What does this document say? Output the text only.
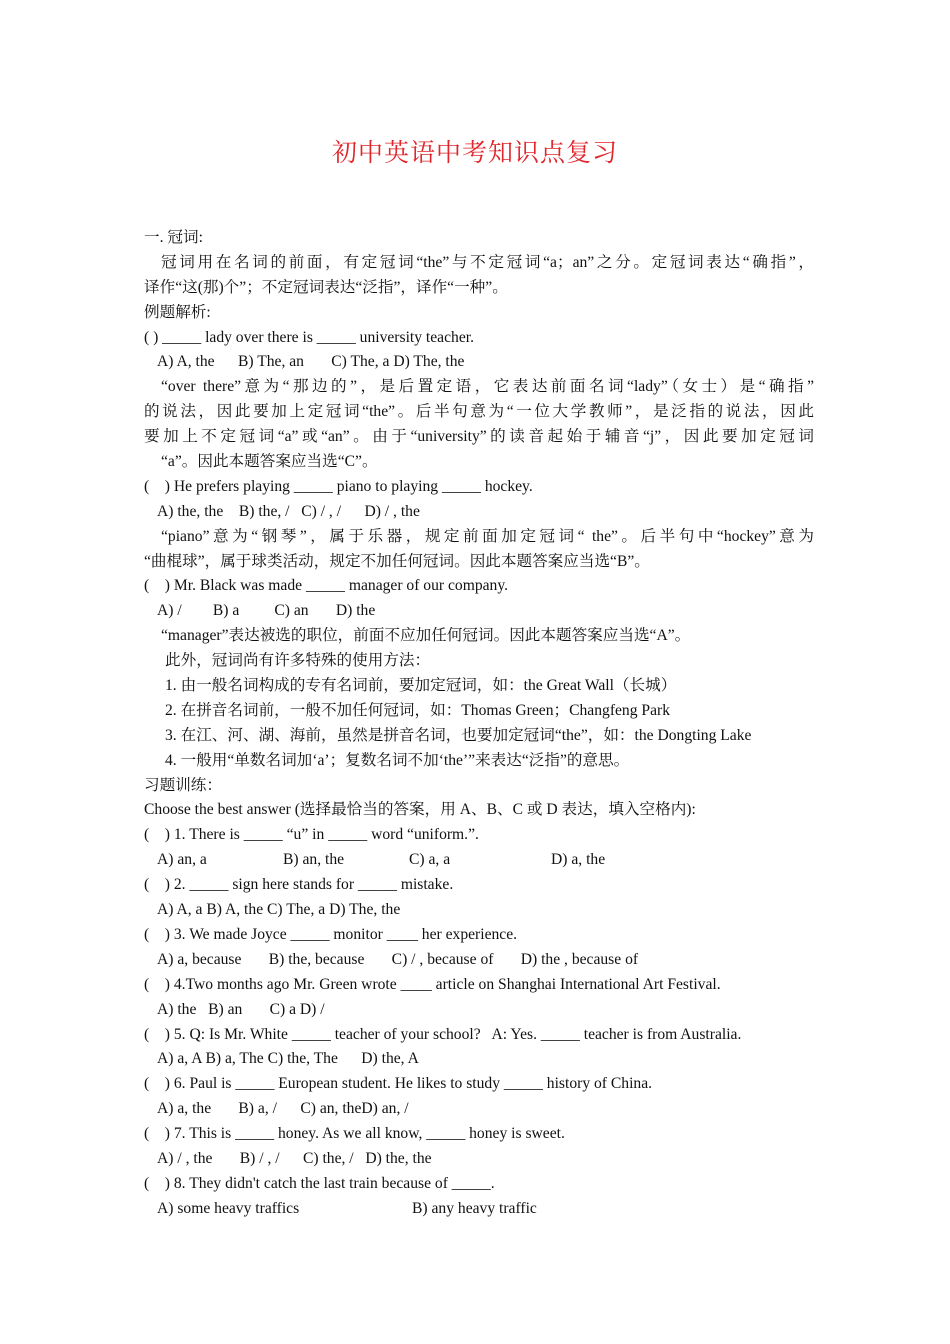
初中英语中考知识点复习
一. 冠词:
冠词用在名词的前面，有定冠词“the”与不定冠词“a；an”之分。定冠词表达“确指”，
译作“这(那)个”；不定冠词表达“泛指”，译作“一种”。
例题解析:
( ) _____ lady over there is _____ university teacher.
A) A, the      B) The, an       C) The, a D) The, the
“over there”意为“那边的”，是后置定语，它表达前面名词“lady”（女士）是“确指”
的说法，因此要加上定冠词“the”。后半句意为“一位大学教师”，是泛指的说法，因此
要加上不定冠词“a”或“an”。由于“university”的读音起始于辅音“j”，因此要加定冠词
“a”。因此本题答案应当选“C”。
(    ) He prefers playing _____ piano to playing _____ hockey.
A) the, the    B) the, /   C) / , /      D) / , the
“piano”意为“钢琴”，属于乐器，规定前面加定冠词“ the”。后半句中“hockey”意为
“曲棍球”，属于球类活动，规定不加任何冠词。因此本题答案应当选“B”。
(    ) Mr. Black was made _____ manager of our company.
A) /        B) a         C) an       D) the
“manager”表达被选的职位，前面不应加任何冠词。因此本题答案应当选“A”。
此外，冠词尚有许多特殊的使用方法：
1. 由一般名词构成的专有名词前，要加定冠词，如：the Great Wall（长城）
2. 在拼音名词前，一般不加任何冠词，如：Thomas Green；Changfeng Park
3. 在江、河、湖、海前，虽然是拼音名词，也要加定冠词“the”，如：the Dongting Lake
4. 一般用“单数名词加‘a’；复数名词不加‘the’”来表达“泛指”的意思。
习题训练：
Choose the best answer (选择最恰当的答案，用 A、B、C 或 D 表达，填入空格内):
(    ) 1. There is _____ “u” in _____ word “uniform.”.
A) an, a	B) an, the	C) a, a	D) a, the
(    ) 2. _____ sign here stands for _____ mistake.
A) A, a B) A, the C) The, a D) The, the
(    ) 3. We made Joyce _____ monitor ____ her experience.
A) a, because       B) the, because       C) / , because of       D) the , because of
(    ) 4.Two months ago Mr. Green wrote ____ article on Shanghai International Art Festival.
A) the   B) an       C) a D) /
(    ) 5. Q: Is Mr. White _____ teacher of your school?   A: Yes. _____ teacher is from Australia.
A) a, A B) a, The C) the, The      D) the, A
(    ) 6. Paul is _____ European student. He likes to study _____ history of China.
A) a, the       B) a, /      C) an, theD) an, /
(    ) 7. This is _____ honey. As we all know, _____ honey is sweet.
A) / , the       B) / , /      C) the, /   D) the, the
(    ) 8. They didn't catch the last train because of _____.
A) some heavy traffics	B) any heavy traffic
